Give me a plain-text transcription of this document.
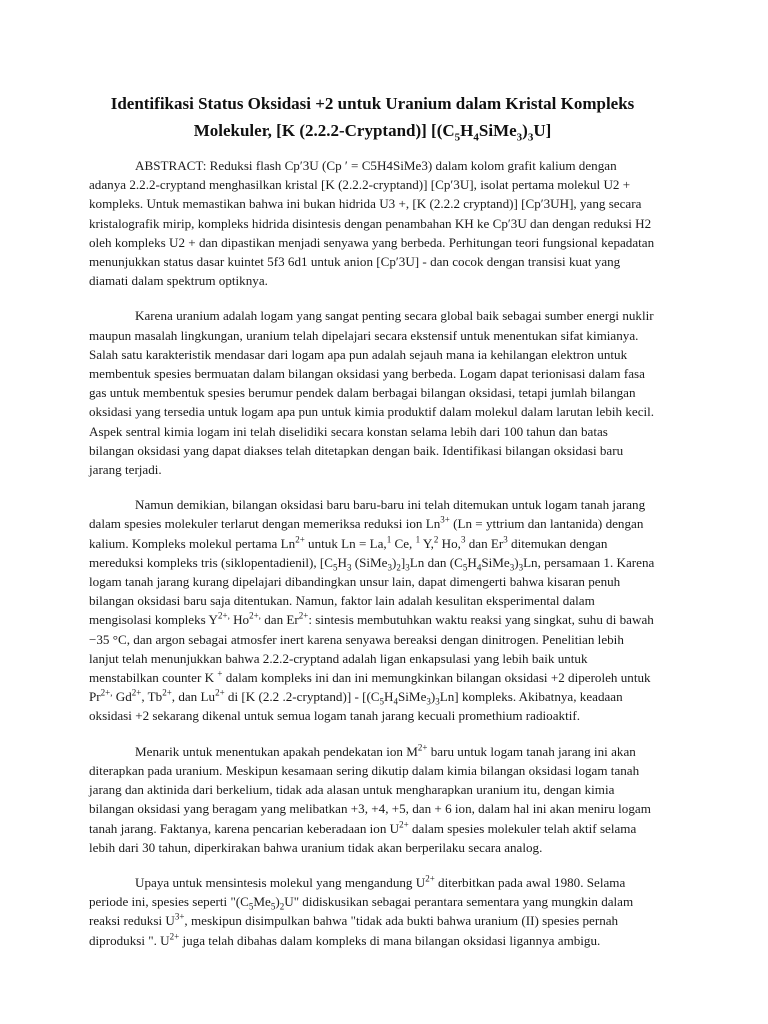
Identifikasi Status Oksidasi +2 untuk Uranium dalam Kristal Kompleks
Molekuler, [K (2.2.2-Cryptand)] $[(C_5H_4SiMe_3)_3U]$

ABSTRACT: Reduksi flash Cp′3U (Cp ′ = C5H4SiMe3) dalam kolom grafit kalium dengan adanya 2.2.2-cryptand menghasilkan kristal [K (2.2.2-cryptand)] [Cp′3U], isolat pertama molekul U2 + kompleks. Untuk memastikan bahwa ini bukan hidrida U3 +, [K (2.2.2 cryptand)] [Cp′3UH], yang secara kristalografik mirip, kompleks hidrida disintesis dengan penambahan KH ke Cp′3U dan dengan reduksi H2 oleh kompleks U2 + dan dipastikan menjadi senyawa yang berbeda. Perhitungan teori fungsional kepadatan menunjukkan status dasar kuintet 5f3 6d1 untuk anion [Cp′3U] - dan cocok dengan transisi kuat yang diamati dalam spektrum optiknya.

Karena uranium adalah logam yang sangat penting secara global baik sebagai sumber energi nuklir maupun masalah lingkungan, uranium telah dipelajari secara ekstensif untuk menentukan sifat kimianya. Salah satu karakteristik mendasar dari logam apa pun adalah sejauh mana ia kehilangan elektron untuk membentuk spesies bermuatan dalam bilangan oksidasi yang berbeda. Logam dapat terionisasi dalam fasa gas untuk membentuk spesies berumur pendek dalam berbagai bilangan oksidasi, tetapi jumlah bilangan oksidasi yang tersedia untuk logam apa pun untuk kimia produktif dalam molekul dalam larutan lebih kecil. Aspek sentral kimia logam ini telah diselidiki secara konstan selama lebih dari 100 tahun dan batas bilangan oksidasi yang dapat diakses telah ditetapkan dengan baik. Identifikasi bilangan oksidasi baru jarang terjadi.

Namun demikian, bilangan oksidasi baru baru-baru ini telah ditemukan untuk logam tanah jarang dalam spesies molekuler terlarut dengan memeriksa reduksi ion $Ln^{3+}$ (Ln = yttrium dan lantanida) dengan kalium. Kompleks molekul pertama $Ln^{2+}$ untuk Ln = La,$^1$ Ce, $^1$ Y,$^2$ Ho,$^3$ dan Er$^3$ ditemukan dengan mereduksi kompleks tris (siklopentadienil), [$C_5H_3$ $(SiMe_3)_2]_3Ln$ dan $(C_5H_4SiMe_3)_3Ln$, persamaan 1. Karena logam tanah jarang kurang dipelajari dibandingkan unsur lain, dapat dimengerti bahwa kisaran penuh bilangan oksidasi baru saja ditentukan. Namun, faktor lain adalah kesulitan eksperimental dalam mengisolasi kompleks $Y^{2+,}$ $Ho^{2+,}$ dan $Er^{2+}$: sintesis membutuhkan waktu reaksi yang singkat, suhu di bawah −35 °C, dan argon sebagai atmosfer inert karena senyawa bereaksi dengan dinitrogen. Penelitian lebih lanjut telah menunjukkan bahwa 2.2.2-cryptand adalah ligan enkapsulasi yang lebih baik untuk menstabilkan counter K + dalam kompleks ini dan ini memungkinkan bilangan oksidasi +2 diperoleh untuk $Pr^{2+,}$ $Gd^{2+}$, $Tb^{2+}$, dan $Lu^{2+}$ di [K (2.2 .2-cryptand)] - $[(C_5H_4SiMe_3)_3Ln]$ kompleks. Akibatnya, keadaan oksidasi +2 sekarang dikenal untuk semua logam tanah jarang kecuali promethium radioaktif.

Menarik untuk menentukan apakah pendekatan ion $M^{2+}$ baru untuk logam tanah jarang ini akan diterapkan pada uranium. Meskipun kesamaan sering dikutip dalam kimia bilangan oksidasi logam tanah jarang dan aktinida dari berkelium, tidak ada alasan untuk mengharapkan uranium itu, dengan kimia bilangan oksidasi yang beragam yang melibatkan +3, +4, +5, dan + 6 ion, dalam hal ini akan meniru logam tanah jarang. Faktanya, karena pencarian keberadaan ion $U^{2+}$ dalam spesies molekuler telah aktif selama lebih dari 30 tahun, diperkirakan bahwa uranium tidak akan berperilaku secara analog.

Upaya untuk mensintesis molekul yang mengandung $U^{2+}$ diterbitkan pada awal 1980. Selama periode ini, spesies seperti "$(C_5Me_5)_2U$" didiskusikan sebagai perantara sementara yang mungkin dalam reaksi reduksi $U^{3+}$, meskipun disimpulkan bahwa "tidak ada bukti bahwa uranium (II) spesies pernah diproduksi ". $U^{2+}$ juga telah dibahas dalam kompleks di mana bilangan oksidasi ligannya ambigu.
